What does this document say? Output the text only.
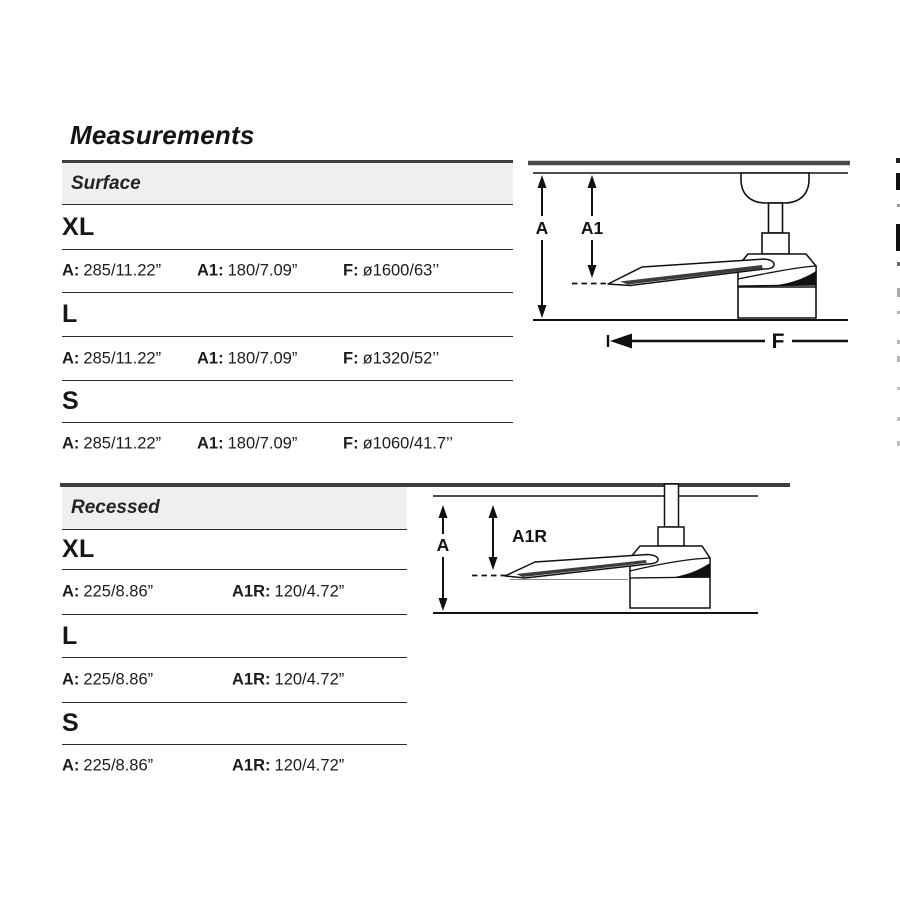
Measurements
Surface
XL
A: 285/11.22” A1: 180/7.09”	F: ø1600/63’’
L
A: 285/11.22” A1: 180/7.09”	F: ø1320/52’’
S
A: 285/11.22” A1: 180/7.09”	F: ø1060/41.7’’
A A1
F
Recessed
XL
A: 225/8.86”	A1R: 120/4.72”
L
A: 225/8.86”	A1R: 120/4.72”
S
A: 225/8.86”	A1R: 120/4.72”
A	A1R
